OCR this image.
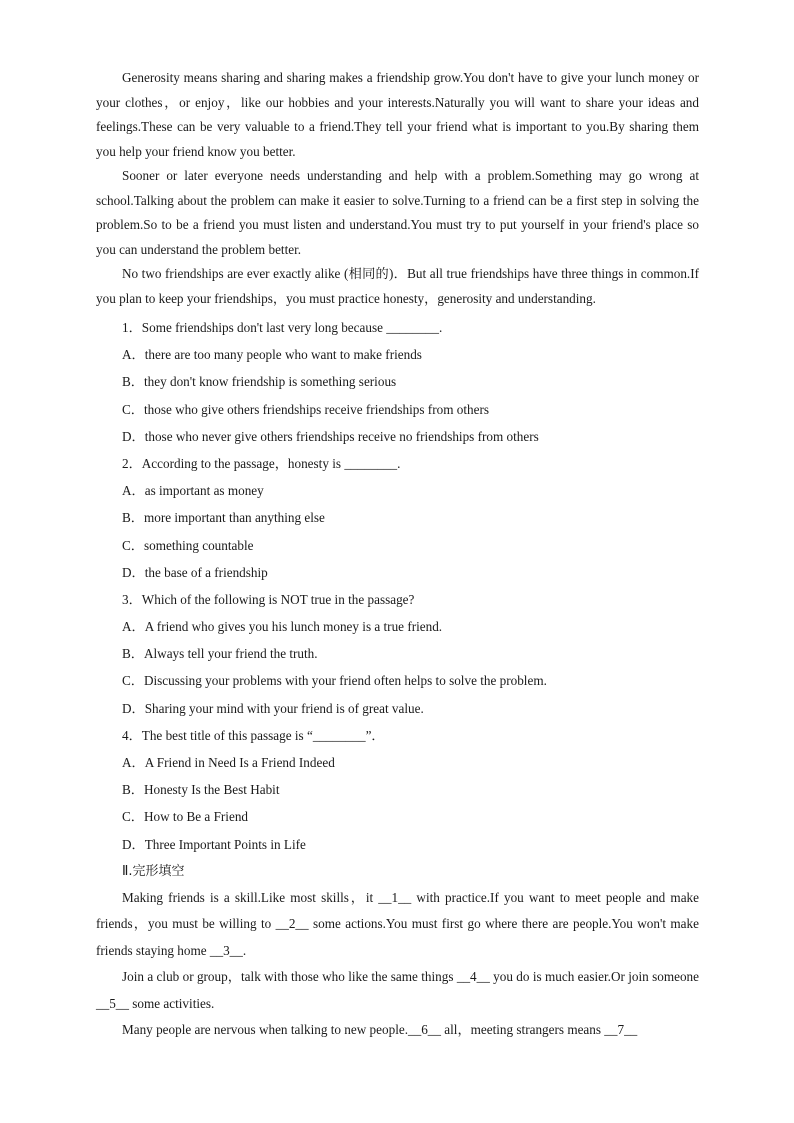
Generosity means sharing and sharing makes a friendship grow.You don't have to give your lunch money or your clothes，or enjoy，like our hobbies and your interests.Naturally you will want to share your ideas and feelings.These can be very valuable to a friend.They tell your friend what is important to you.By sharing them you help your friend know you better.

Sooner or later everyone needs understanding and help with a problem.Something may go wrong at school.Talking about the problem can make it easier to solve.Turning to a friend can be a first step in solving the problem.So to be a friend you must listen and understand.You must try to put yourself in your friend's place so you can understand the problem better.

No two friendships are ever exactly alike (相同的)．But all true friendships have three things in common.If you plan to keep your friendships，you must practice honesty，generosity and understanding.

1．Some friendships don't last very long because ________.

A．there are too many people who want to make friends

B．they don't know friendship is something serious

C．those who give others friendships receive friendships from others

D．those who never give others friendships receive no friendships from others

2．According to the passage，honesty is ________.

A．as important as money

B．more important than anything else

C．something countable

D．the base of a friendship

3．Which of the following is NOT true in the passage?

A．A friend who gives you his lunch money is a true friend.

B．Always tell your friend the truth.

C．Discussing your problems with your friend often helps to solve the problem.

D．Sharing your mind with your friend is of great value.

4．The best title of this passage is “________”．

A．A Friend in Need Is a Friend Indeed

B．Honesty Is the Best Habit

C．How to Be a Friend

D．Three Important Points in Life

Ⅱ.完形填空

Making friends is a skill.Like most skills，it __1__ with practice.If you want to meet people and make friends，you must be willing to __2__ some actions.You must first go where there are people.You won't make friends staying home __3__.

Join a club or group，talk with those who like the same things __4__ you do is much easier.Or join someone __5__ some activities.

Many people are nervous when talking to new people.__6__ all，meeting strangers means __7__
